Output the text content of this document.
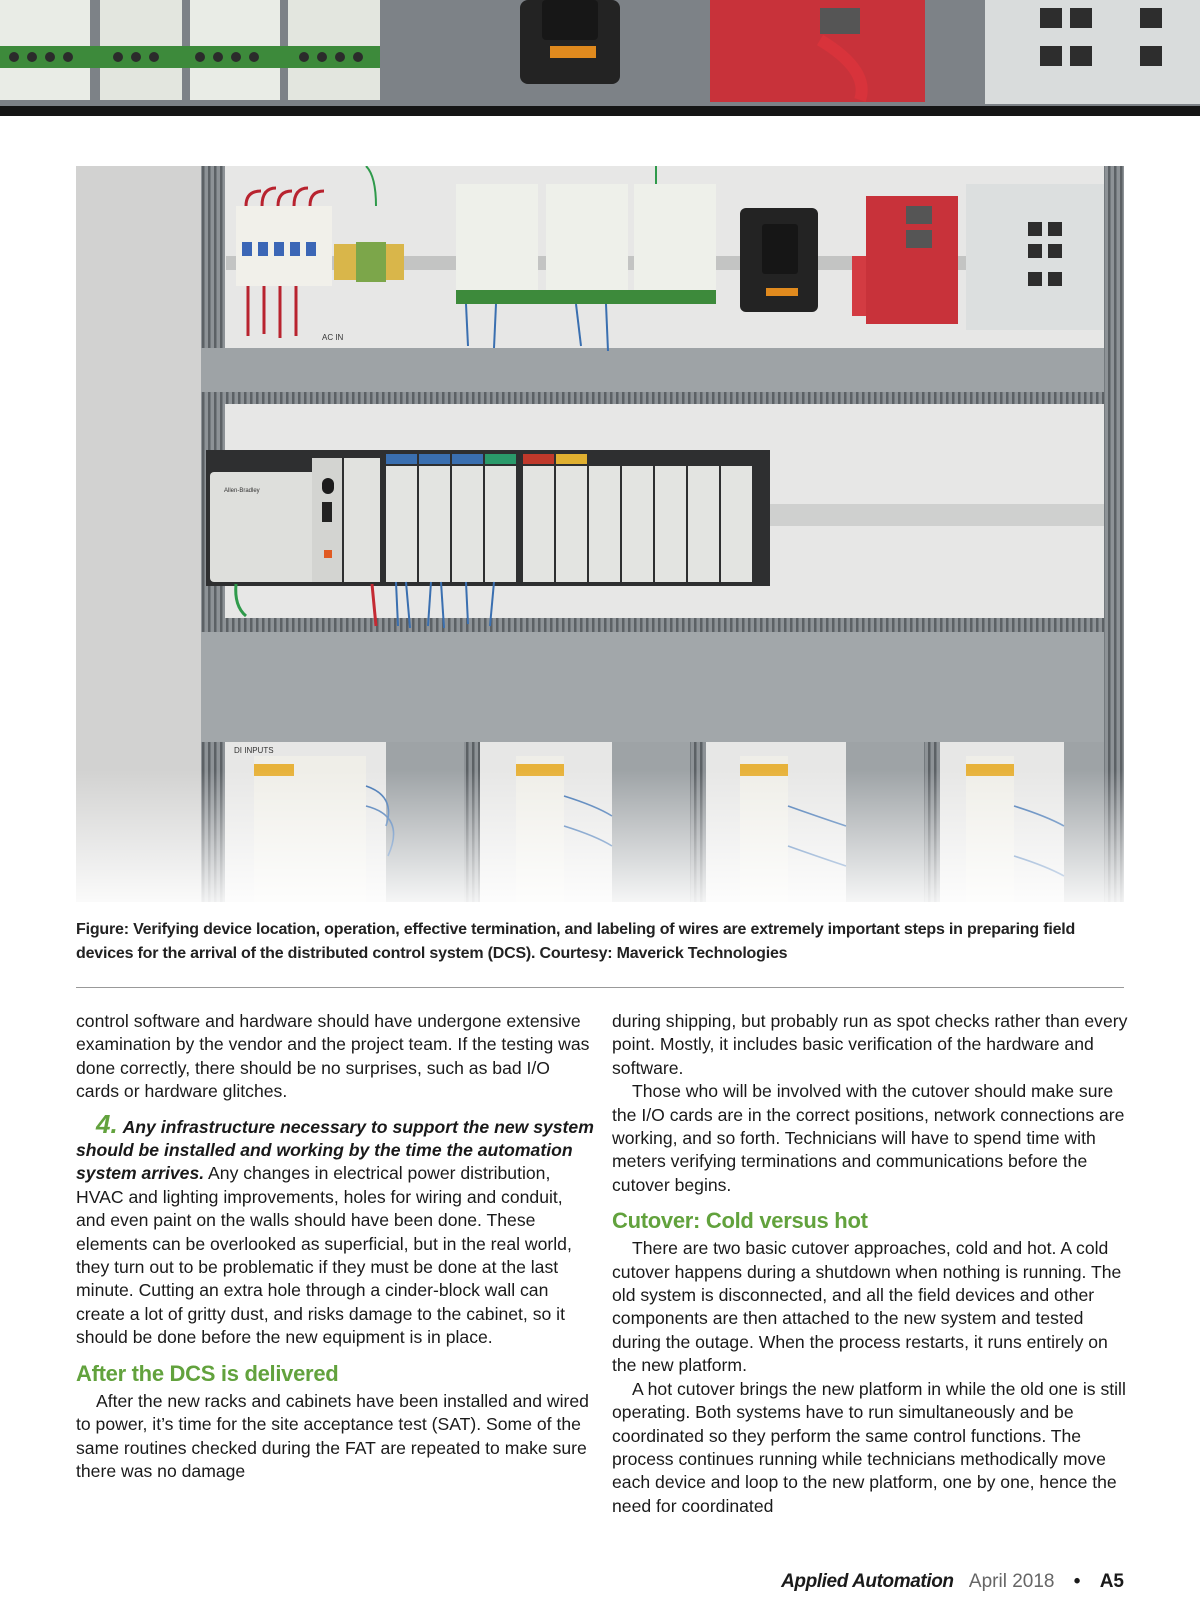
Figure: Verifying device location, operation, effective termination, and labeling of wires are extremely important steps in preparing field devices for the arrival of the distributed control system (DCS). Courtesy: Maverick Technologies

control software and hardware should have undergone extensive examination by the vendor and the project team. If the testing was done correctly, there should be no surprises, such as bad I/O cards or hardware glitches.

4. Any infrastructure necessary to support the new system should be installed and working by the time the automation system arrives. Any changes in electrical power distribution, HVAC and lighting improvements, holes for wiring and conduit, and even paint on the walls should have been done. These elements can be overlooked as superficial, but in the real world, they turn out to be problematic if they must be done at the last minute. Cutting an extra hole through a cinder-block wall can create a lot of gritty dust, and risks damage to the cabinet, so it should be done before the new equipment is in place.

After the DCS is delivered

After the new racks and cabinets have been installed and wired to power, it’s time for the site acceptance test (SAT). Some of the same routines checked during the FAT are repeated to make sure there was no damage

during shipping, but probably run as spot checks rather than every point. Mostly, it includes basic verification of the hardware and software.

Those who will be involved with the cutover should make sure the I/O cards are in the correct positions, network connections are working, and so forth. Technicians will have to spend time with meters verifying terminations and communications before the cutover begins.

Cutover: Cold versus hot

There are two basic cutover approaches, cold and hot. A cold cutover happens during a shutdown when nothing is running. The old system is disconnected, and all the field devices and other components are then attached to the new system and tested during the outage. When the process restarts, it runs entirely on the new platform.

A hot cutover brings the new platform in while the old one is still operating. Both systems have to run simultaneously and be coordinated so they perform the same control functions. The process continues running while technicians methodically move each device and loop to the new platform, one by one, hence the need for coordinated

Applied Automation April 2018 • A5
